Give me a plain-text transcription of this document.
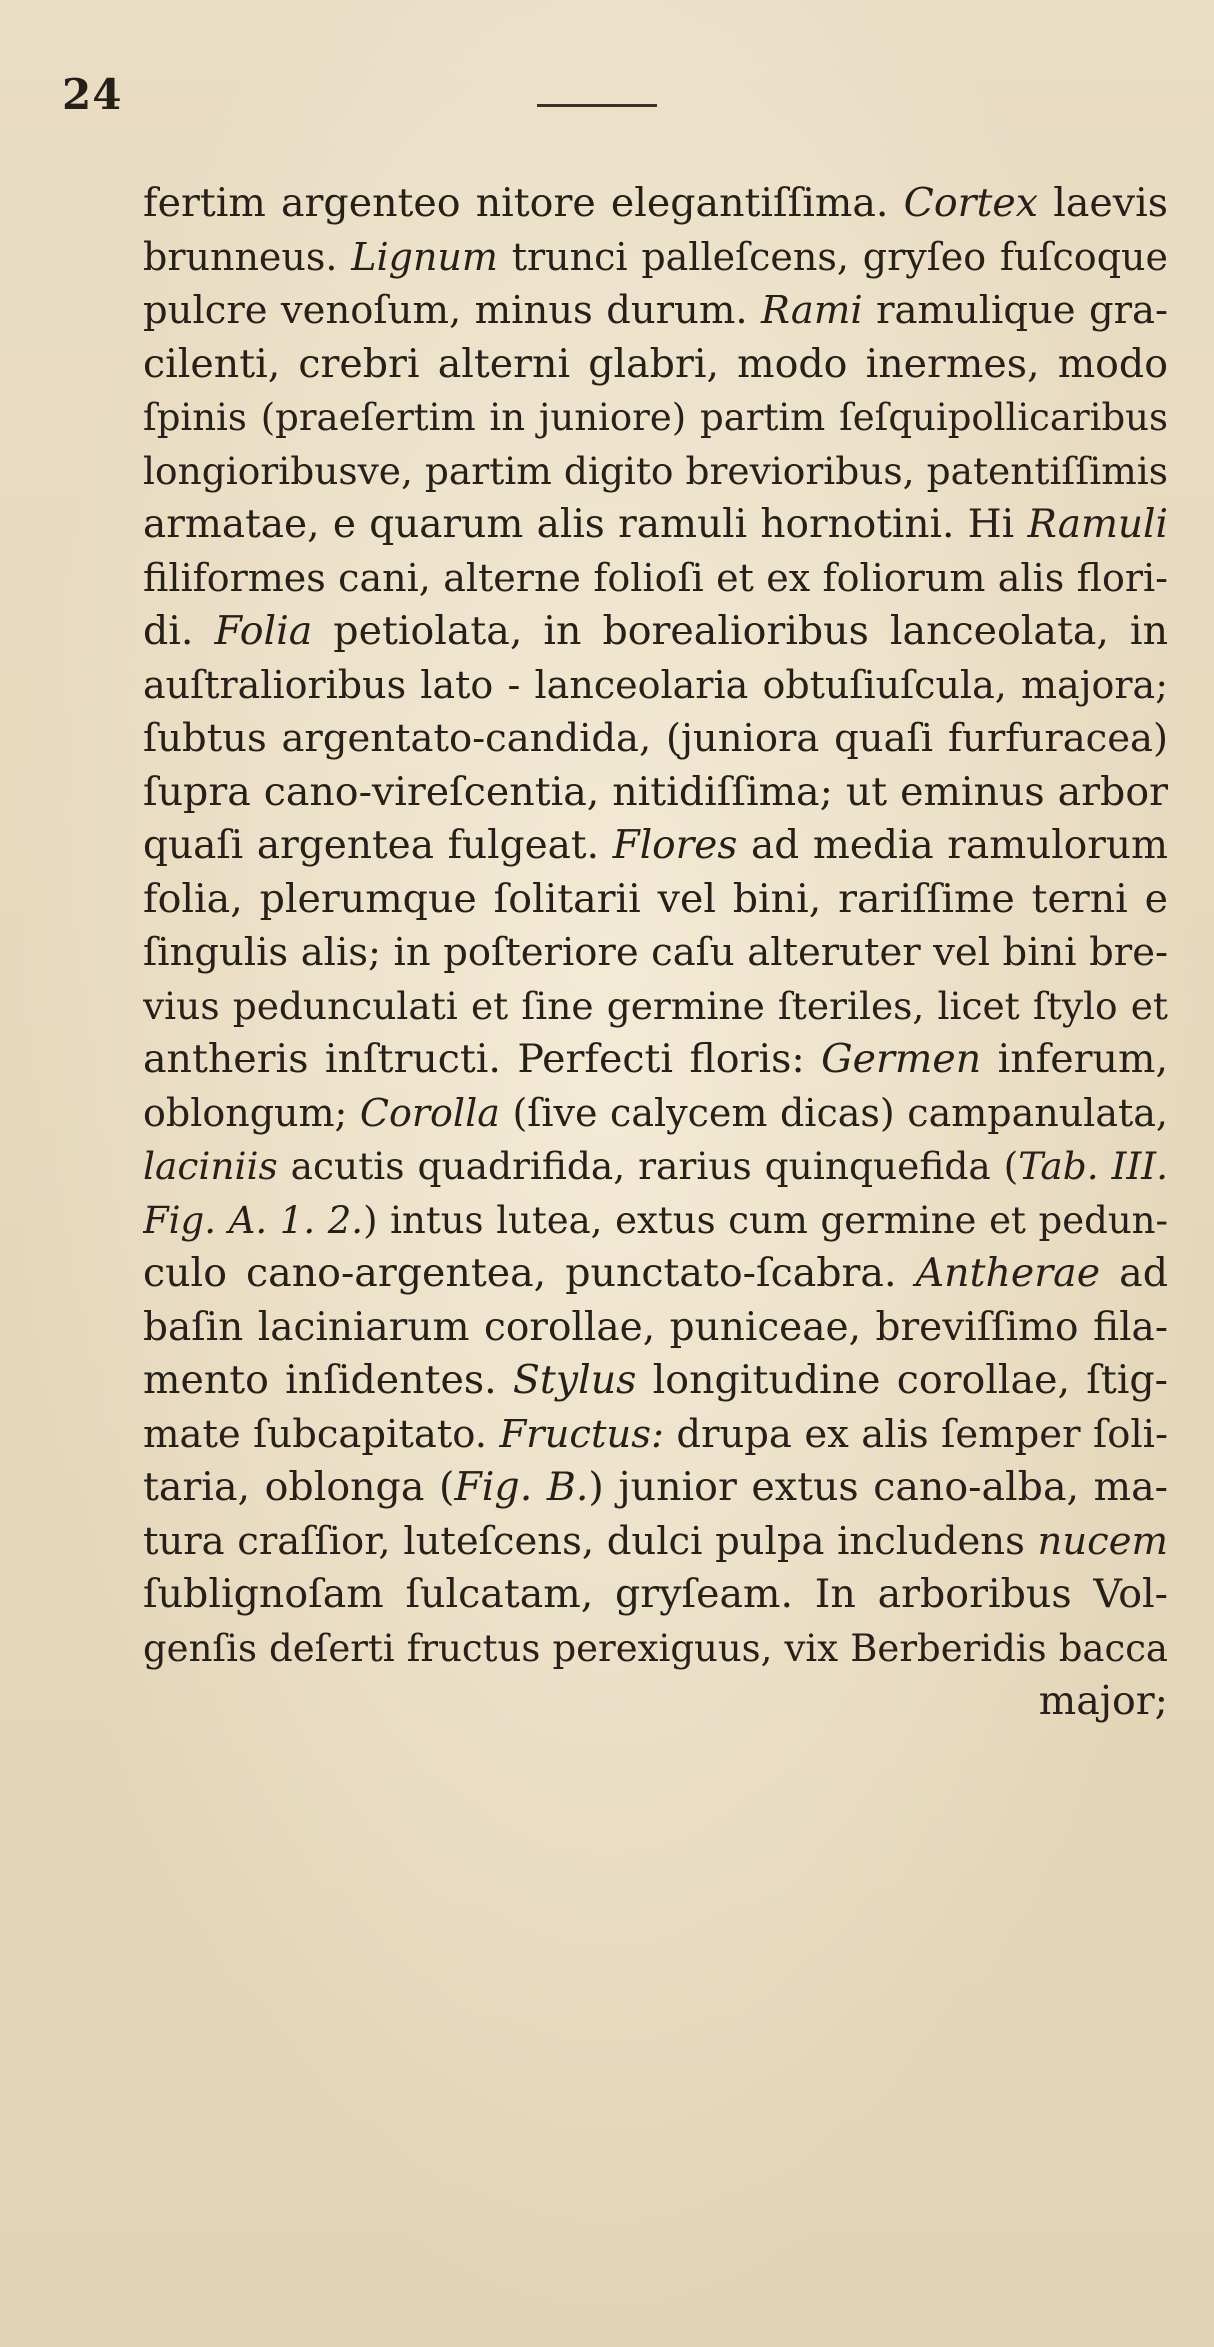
24
fertim argenteo nitore elegantiſſima. Cortex laevis
brunneus. Lignum trunci palleſcens, gryſeo fuſcoque
pulcre venoſum, minus durum. Rami ramulique gra-
cilenti, crebri alterni glabri, modo inermes, modo
ſpinis (praeſertim in juniore) partim ſeſquipollicaribus
longioribusve, partim digito brevioribus, patentiſſimis
armatae, e quarum alis ramuli hornotini. Hi Ramuli
filiformes cani, alterne folioſi et ex foliorum alis flori-
di. Folia petiolata, in borealioribus lanceolata, in
auſtralioribus lato - lanceolaria obtuſiuſcula, majora;
ſubtus argentato-candida, (juniora quaſi furfuracea)
ſupra cano-vireſcentia, nitidiſſima; ut eminus arbor
quaſi argentea fulgeat. Flores ad media ramulorum
folia, plerumque ſolitarii vel bini, rariſſime terni e
ſingulis alis; in poſteriore caſu alteruter vel bini bre-
vius pedunculati et ſine germine ſteriles, licet ſtylo et
antheris inſtructi. Perfecti floris: Germen inferum,
oblongum; Corolla (ſive calycem dicas) campanulata,
laciniis acutis quadrifida, rarius quinquefida (Tab. III.
Fig. A. 1. 2.) intus lutea, extus cum germine et pedun-
culo cano-argentea, punctato-ſcabra. Antherae ad
baſin laciniarum corollae, puniceae, breviſſimo fila-
mento inſidentes. Stylus longitudine corollae, ſtig-
mate ſubcapitato. Fructus: drupa ex alis ſemper ſoli-
taria, oblonga (Fig. B.) junior extus cano-alba, ma-
tura craſſior, luteſcens, dulci pulpa includens nucem
ſublignoſam ſulcatam, gryſeam. In arboribus Vol-
genſis deſerti fructus perexiguus, vix Berberidis bacca
major;
